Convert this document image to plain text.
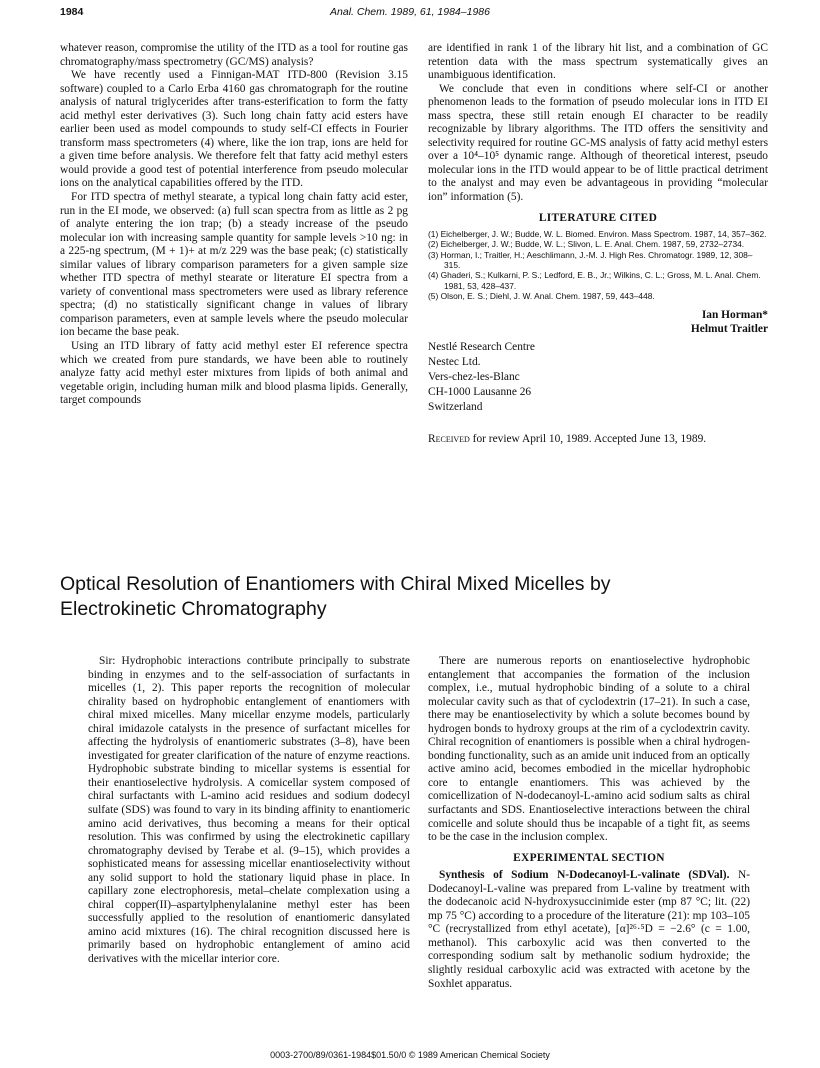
1984	Anal. Chem. 1989, 61, 1984–1986

whatever reason, compromise the utility of the ITD as a tool for routine gas chromatography/mass spectrometry (GC/MS) analysis?

We have recently used a Finnigan-MAT ITD-800 (Revision 3.15 software) coupled to a Carlo Erba 4160 gas chromatograph for the routine analysis of natural triglycerides after trans-esterification to form the fatty acid methyl ester derivatives (3). Such long chain fatty acid esters have earlier been used as model compounds to study self-CI effects in Fourier transform mass spectrometers (4) where, like the ion trap, ions are held for a given time before analysis. We therefore felt that fatty acid methyl esters would provide a good test of potential interference from pseudo molecular ions on the analytical capabilities offered by the ITD.

For ITD spectra of methyl stearate, a typical long chain fatty acid ester, run in the EI mode, we observed: (a) full scan spectra from as little as 2 pg of analyte entering the ion trap; (b) a steady increase of the pseudo molecular ion with increasing sample quantity for sample levels >10 ng: in a 225-ng spectrum, (M + 1)+ at m/z 229 was the base peak; (c) statistically similar values of library comparison parameters for a given sample size whether ITD spectra of methyl stearate or literature EI spectra from a variety of conventional mass spectrometers were used as library reference spectra; (d) no statistically significant change in values of library comparison parameters, even at sample levels where the pseudo molecular ion became the base peak.

Using an ITD library of fatty acid methyl ester EI reference spectra which we created from pure standards, we have been able to routinely analyze fatty acid methyl ester mixtures from lipids of both animal and vegetable origin, including human milk and blood plasma lipids. Generally, target compounds

are identified in rank 1 of the library hit list, and a combination of GC retention data with the mass spectrum systematically gives an unambiguous identification.

We conclude that even in conditions where self-CI or another phenomenon leads to the formation of pseudo molecular ions in ITD EI mass spectra, these still retain enough EI character to be readily recognizable by library algorithms. The ITD offers the sensitivity and selectivity required for routine GC-MS analysis of fatty acid methyl esters over a 10⁴–10⁵ dynamic range. Although of theoretical interest, pseudo molecular ions in the ITD would appear to be of little practical detriment to the analyst and may even be advantageous in providing “molecular ion” information (5).

LITERATURE CITED
(1) Eichelberger, J. W.; Budde, W. L. Biomed. Environ. Mass Spectrom. 1987, 14, 357–362.
(2) Eichelberger, J. W.; Budde, W. L.; Slivon, L. E. Anal. Chem. 1987, 59, 2732–2734.
(3) Horman, I.; Traitler, H.; Aeschlimann, J.-M. J. High Res. Chromatogr. 1989, 12, 308–315.
(4) Ghaderi, S.; Kulkarni, P. S.; Ledford, E. B., Jr.; Wilkins, C. L.; Gross, M. L. Anal. Chem. 1981, 53, 428–437.
(5) Olson, E. S.; Diehl, J. W. Anal. Chem. 1987, 59, 443–448.
Ian Horman*
Helmut Traitler
Nestlé Research Centre
Nestec Ltd.
Vers-chez-les-Blanc
CH-1000 Lausanne 26
Switzerland
Received for review April 10, 1989. Accepted June 13, 1989.
Optical Resolution of Enantiomers with Chiral Mixed Micelles by
Electrokinetic Chromatography

Sir: Hydrophobic interactions contribute principally to substrate binding in enzymes and to the self-association of surfactants in micelles (1, 2). This paper reports the recognition of molecular chirality based on hydrophobic entanglement of enantiomers with chiral mixed micelles. Many micellar enzyme models, particularly chiral imidazole catalysts in the presence of surfactant micelles for affecting the hydrolysis of enantiomeric substrates (3–8), have been investigated for greater clarification of the nature of enzyme reactions. Hydrophobic substrate binding to micellar systems is essential for their enantioselective hydrolysis. A comicellar system composed of chiral surfactants with L-amino acid residues and sodium dodecyl sulfate (SDS) was found to vary in its binding affinity to enantiomeric amino acid derivatives, thus becoming a means for their optical resolution. This was confirmed by using the electrokinetic capillary chromatography devised by Terabe et al. (9–15), which provides a sophisticated means for assessing micellar enantioselectivity without any solid support to hold the stationary liquid phase in place. In capillary zone electrophoresis, metal–chelate complexation using a chiral copper(II)–aspartylphenylalanine methyl ester has been successfully applied to the resolution of enantiomeric dansylated amino acid mixtures (16). The chiral recognition discussed here is primarily based on hydrophobic entanglement of amino acid derivatives with the micellar interior core.

There are numerous reports on enantioselective hydrophobic entanglement that accompanies the formation of the inclusion complex, i.e., mutual hydrophobic binding of a solute to a chiral molecular cavity such as that of cyclodextrin (17–21). In such a case, there may be enantioselectivity by which a solute becomes bound by hydrogen bonds to hydroxy groups at the rim of a cyclodextrin cavity. Chiral recognition of enantiomers is possible when a chiral hydrogen-bonding functionality, such as an amide unit induced from an optically active amino acid, becomes embodied in the micellar hydrophobic core to entangle enantiomers. This was achieved by the comicellization of N-dodecanoyl-L-amino acid sodium salts as chiral surfactants and SDS. Enantioselective interactions between the chiral comicelle and solute should thus be incapable of a tight fit, as seems to be the case in the inclusion complex.

EXPERIMENTAL SECTION

Synthesis of Sodium N-Dodecanoyl-L-valinate (SDVal). N-Dodecanoyl-L-valine was prepared from L-valine by treatment with the dodecanoic acid N-hydroxysuccinimide ester (mp 87 °C; lit. (22) mp 75 °C) according to a procedure of the literature (21): mp 103–105 °C (recrystallized from ethyl acetate), [α]²⁶·⁵D = −2.6° (c = 1.00, methanol). This carboxylic acid was then converted to the corresponding sodium salt by methanolic sodium hydroxide; the slightly residual carboxylic acid was extracted with acetone by the Soxhlet apparatus.

0003-2700/89/0361-1984$01.50/0 © 1989 American Chemical Society
